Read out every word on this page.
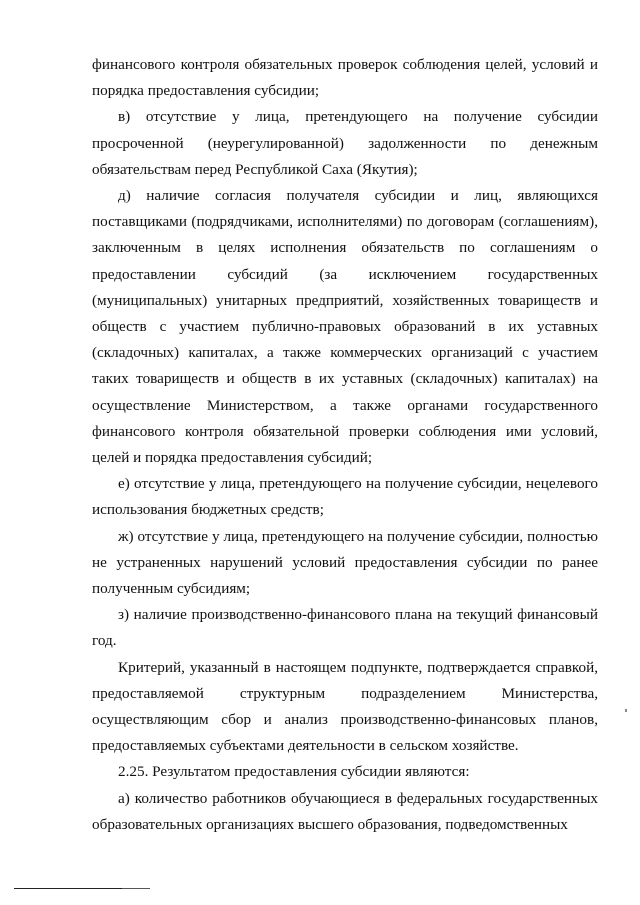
финансового контроля обязательных проверок соблюдения целей, условий и порядка предоставления субсидии;

в) отсутствие у лица, претендующего на получение субсидии просроченной (неурегулированной) задолженности по денежным обязательствам перед Республикой Саха (Якутия);

д) наличие согласия получателя субсидии и лиц, являющихся поставщиками (подрядчиками, исполнителями) по договорам (соглашениям), заключенным в целях исполнения обязательств по соглашениям о предоставлении субсидий (за исключением государственных (муниципальных) унитарных предприятий, хозяйственных товариществ и обществ с участием публично-правовых образований в их уставных (складочных) капиталах, а также коммерческих организаций с участием таких товариществ и обществ в их уставных (складочных) капиталах) на осуществление Министерством, а также органами государственного финансового контроля обязательной проверки соблюдения ими условий, целей и порядка предоставления субсидий;

е) отсутствие у лица, претендующего на получение субсидии, нецелевого использования бюджетных средств;

ж) отсутствие у лица, претендующего на получение субсидии, полностью не устраненных нарушений условий предоставления субсидии по ранее полученным субсидиям;

з) наличие производственно-финансового плана на текущий финансовый год.

Критерий, указанный в настоящем подпункте, подтверждается справкой, предоставляемой структурным подразделением Министерства, осуществляющим сбор и анализ производственно-финансовых планов, предоставляемых субъектами деятельности в сельском хозяйстве.

2.25. Результатом предоставления субсидии являются:

а) количество работников обучающиеся в федеральных государственных образовательных организациях высшего образования, подведомственных
